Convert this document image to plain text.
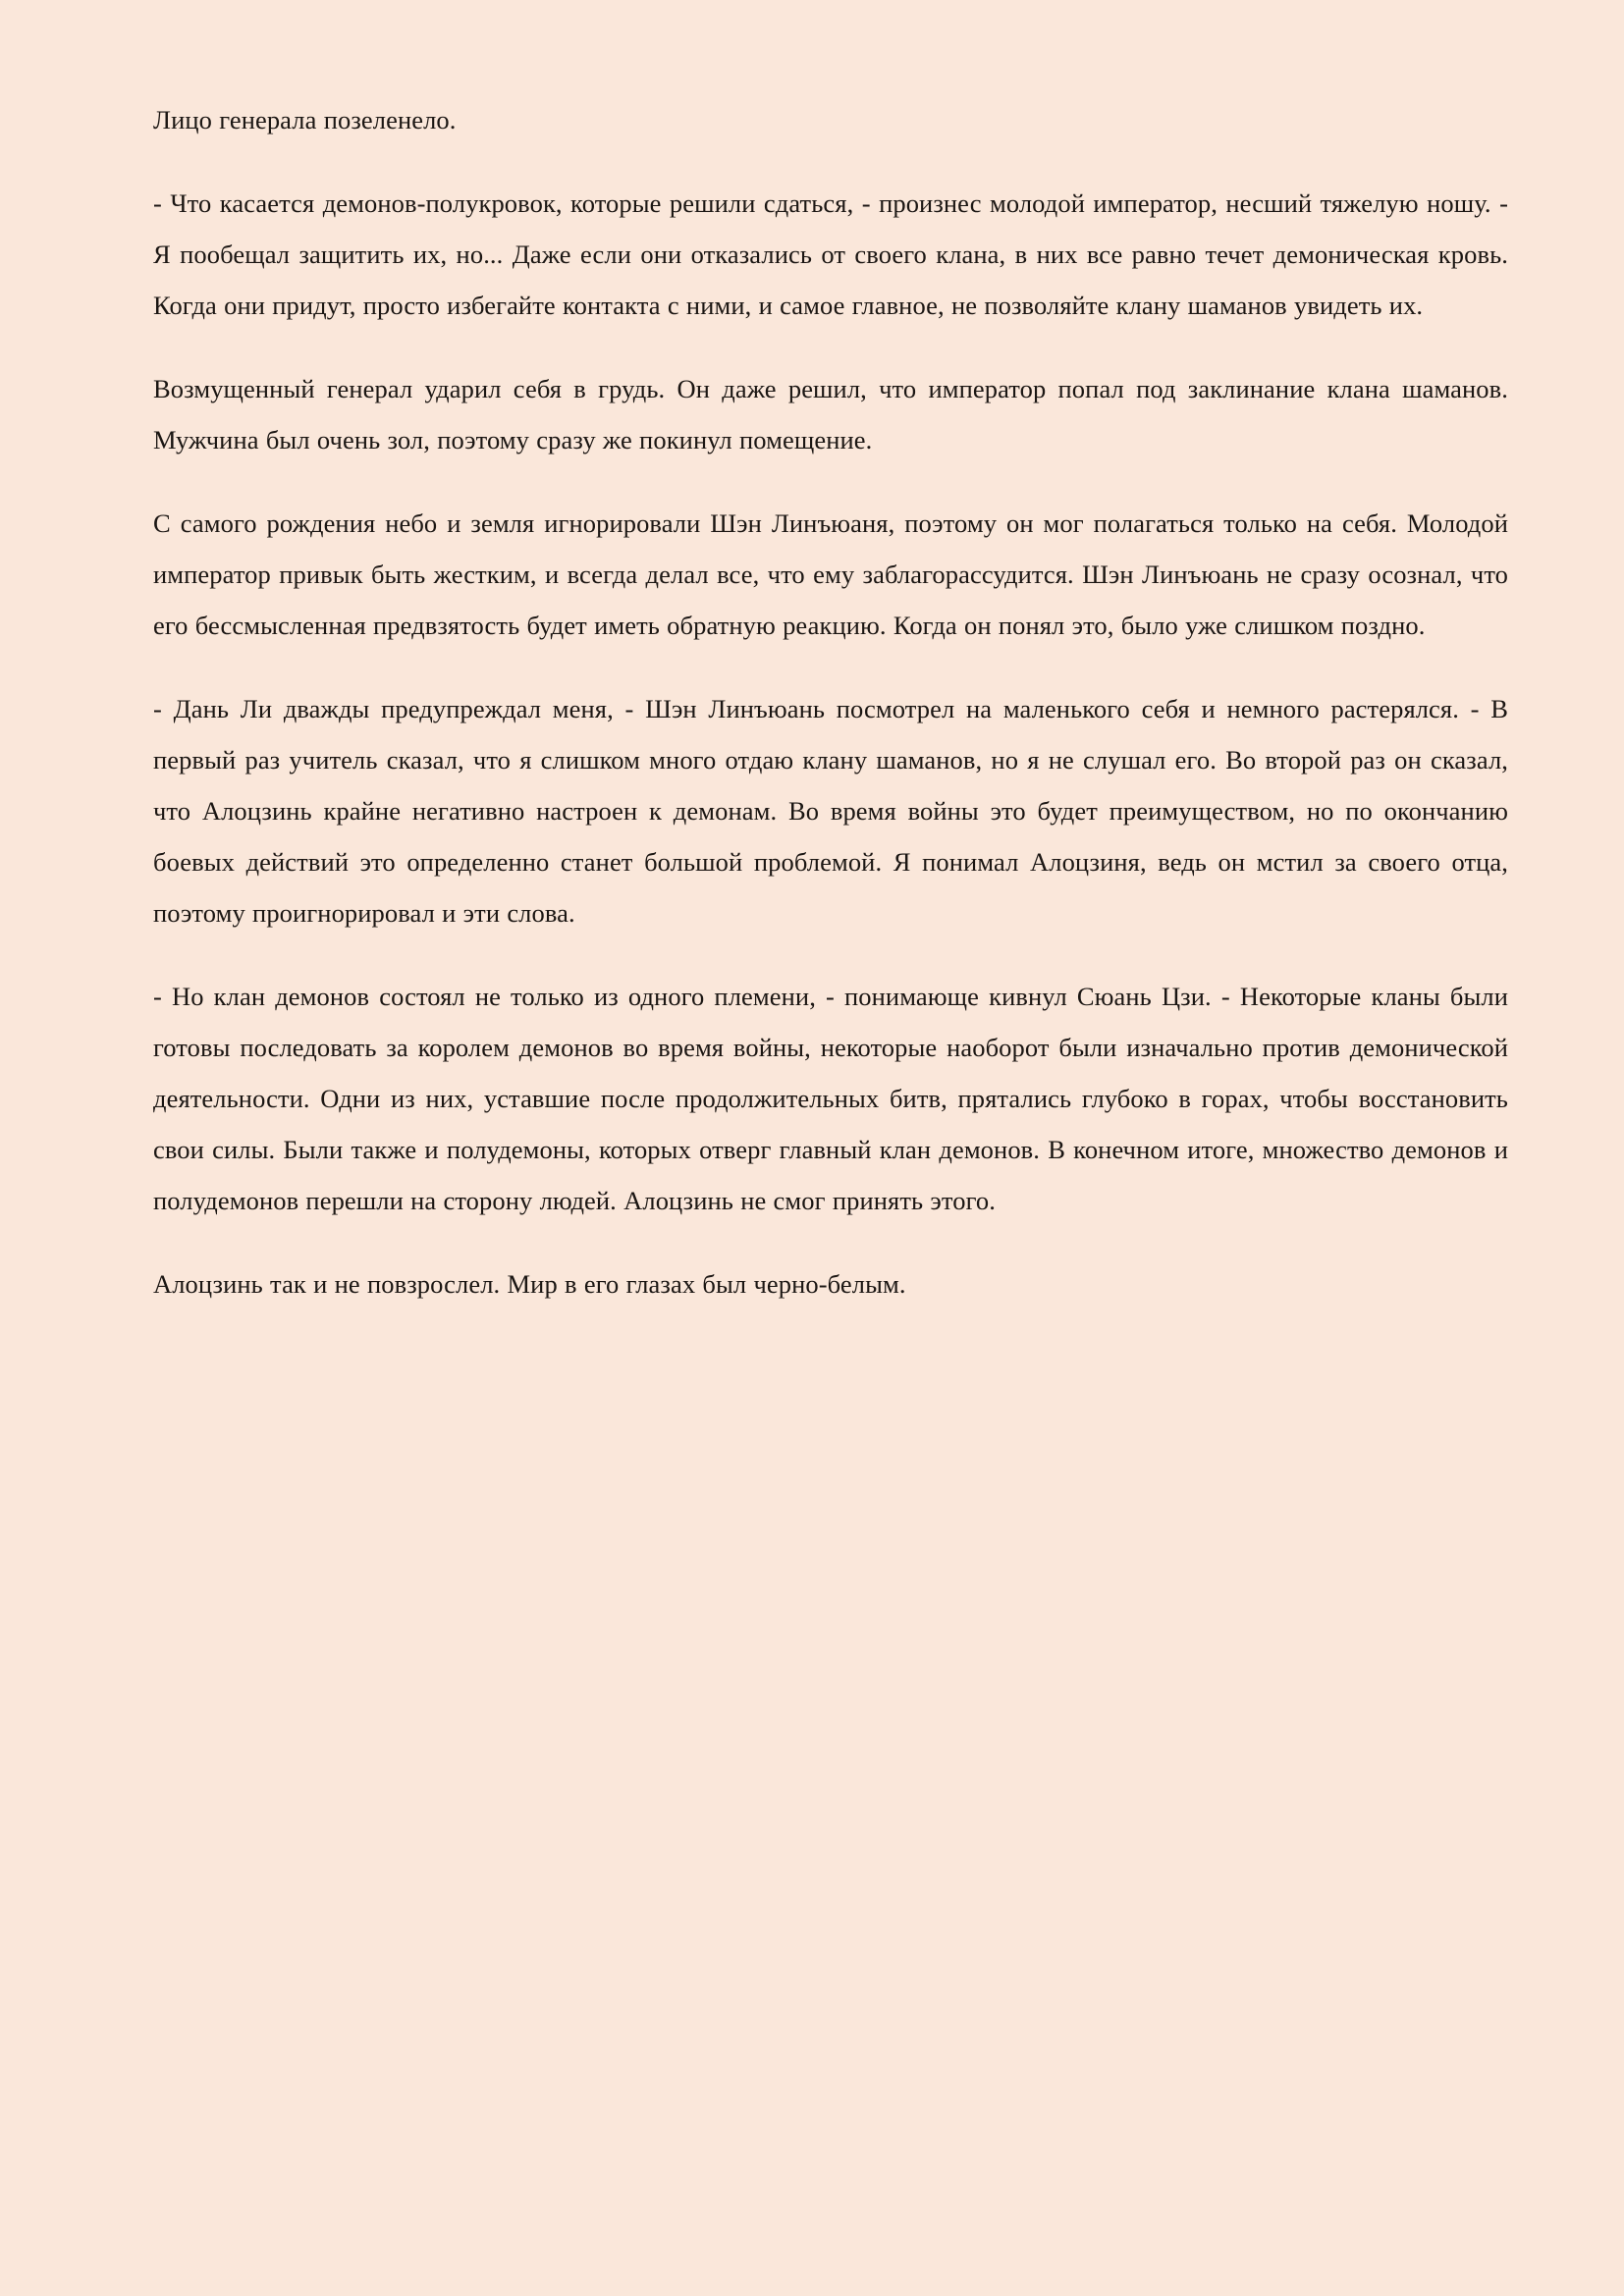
Лицо генерала позеленело.

- Что касается демонов-полукровок, которые решили сдаться, - произнес молодой император, несший тяжелую ношу. - Я пообещал защитить их, но... Даже если они отказались от своего клана, в них все равно течет демоническая кровь. Когда они придут, просто избегайте контакта с ними, и самое главное, не позволяйте клану шаманов увидеть их.

Возмущенный генерал ударил себя в грудь. Он даже решил, что император попал под заклинание клана шаманов. Мужчина был очень зол, поэтому сразу же покинул помещение.

С самого рождения небо и земля игнорировали Шэн Линъюаня, поэтому он мог полагаться только на себя. Молодой император привык быть жестким, и всегда делал все, что ему заблагорассудится. Шэн Линъюань не сразу осознал, что его бессмысленная предвзятость будет иметь обратную реакцию. Когда он понял это, было уже слишком поздно.

- Дань Ли дважды предупреждал меня, - Шэн Линъюань посмотрел на маленького себя и немного растерялся. - В первый раз учитель сказал, что я слишком много отдаю клану шаманов, но я не слушал его. Во второй раз он сказал, что Алоцзинь крайне негативно настроен к демонам. Во время войны это будет преимуществом, но по окончанию боевых действий это определенно станет большой проблемой. Я понимал Алоцзиня, ведь он мстил за своего отца, поэтому проигнорировал и эти слова.

- Но клан демонов состоял не только из одного племени, - понимающе кивнул Сюань Цзи. - Некоторые кланы были готовы последовать за королем демонов во время войны, некоторые наоборот были изначально против демонической деятельности. Одни из них, уставшие после продолжительных битв, прятались глубоко в горах, чтобы восстановить свои силы. Были также и полудемоны, которых отверг главный клан демонов. В конечном итоге, множество демонов и полудемонов перешли на сторону людей. Алоцзинь не смог принять этого.

Алоцзинь так и не повзрослел. Мир в его глазах был черно-белым.
